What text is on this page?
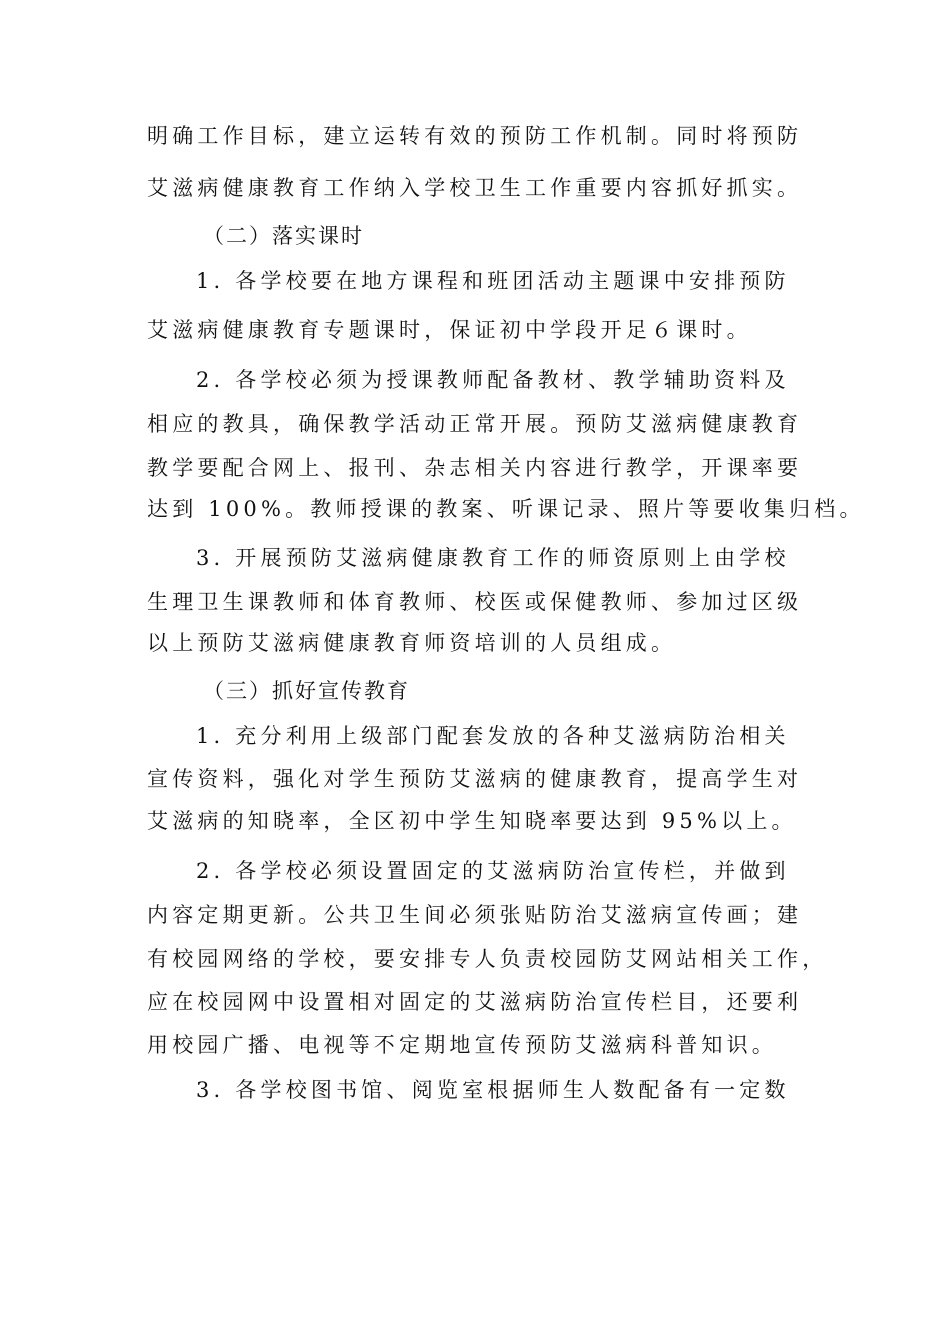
明确工作目标，建立运转有效的预防工作机制。同时将预防
艾滋病健康教育工作纳入学校卫生工作重要内容抓好抓实。
（二）落实课时
1. 各学校要在地方课程和班团活动主题课中安排预防
艾滋病健康教育专题课时，保证初中学段开足６课时。
2. 各学校必须为授课教师配备教材、教学辅助资料及
相应的教具，确保教学活动正常开展。预防艾滋病健康教育
教学要配合网上、报刊、杂志相关内容进行教学，开课率要
达到 100%。教师授课的教案、听课记录、照片等要收集归档。
3. 开展预防艾滋病健康教育工作的师资原则上由学校
生理卫生课教师和体育教师、校医或保健教师、参加过区级
以上预防艾滋病健康教育师资培训的人员组成。
（三）抓好宣传教育
1. 充分利用上级部门配套发放的各种艾滋病防治相关
宣传资料，强化对学生预防艾滋病的健康教育，提高学生对
艾滋病的知晓率，全区初中学生知晓率要达到 95%以上。
2. 各学校必须设置固定的艾滋病防治宣传栏，并做到
内容定期更新。公共卫生间必须张贴防治艾滋病宣传画；建
有校园网络的学校，要安排专人负责校园防艾网站相关工作，
应在校园网中设置相对固定的艾滋病防治宣传栏目，还要利
用校园广播、电视等不定期地宣传预防艾滋病科普知识。
3. 各学校图书馆、阅览室根据师生人数配备有一定数
